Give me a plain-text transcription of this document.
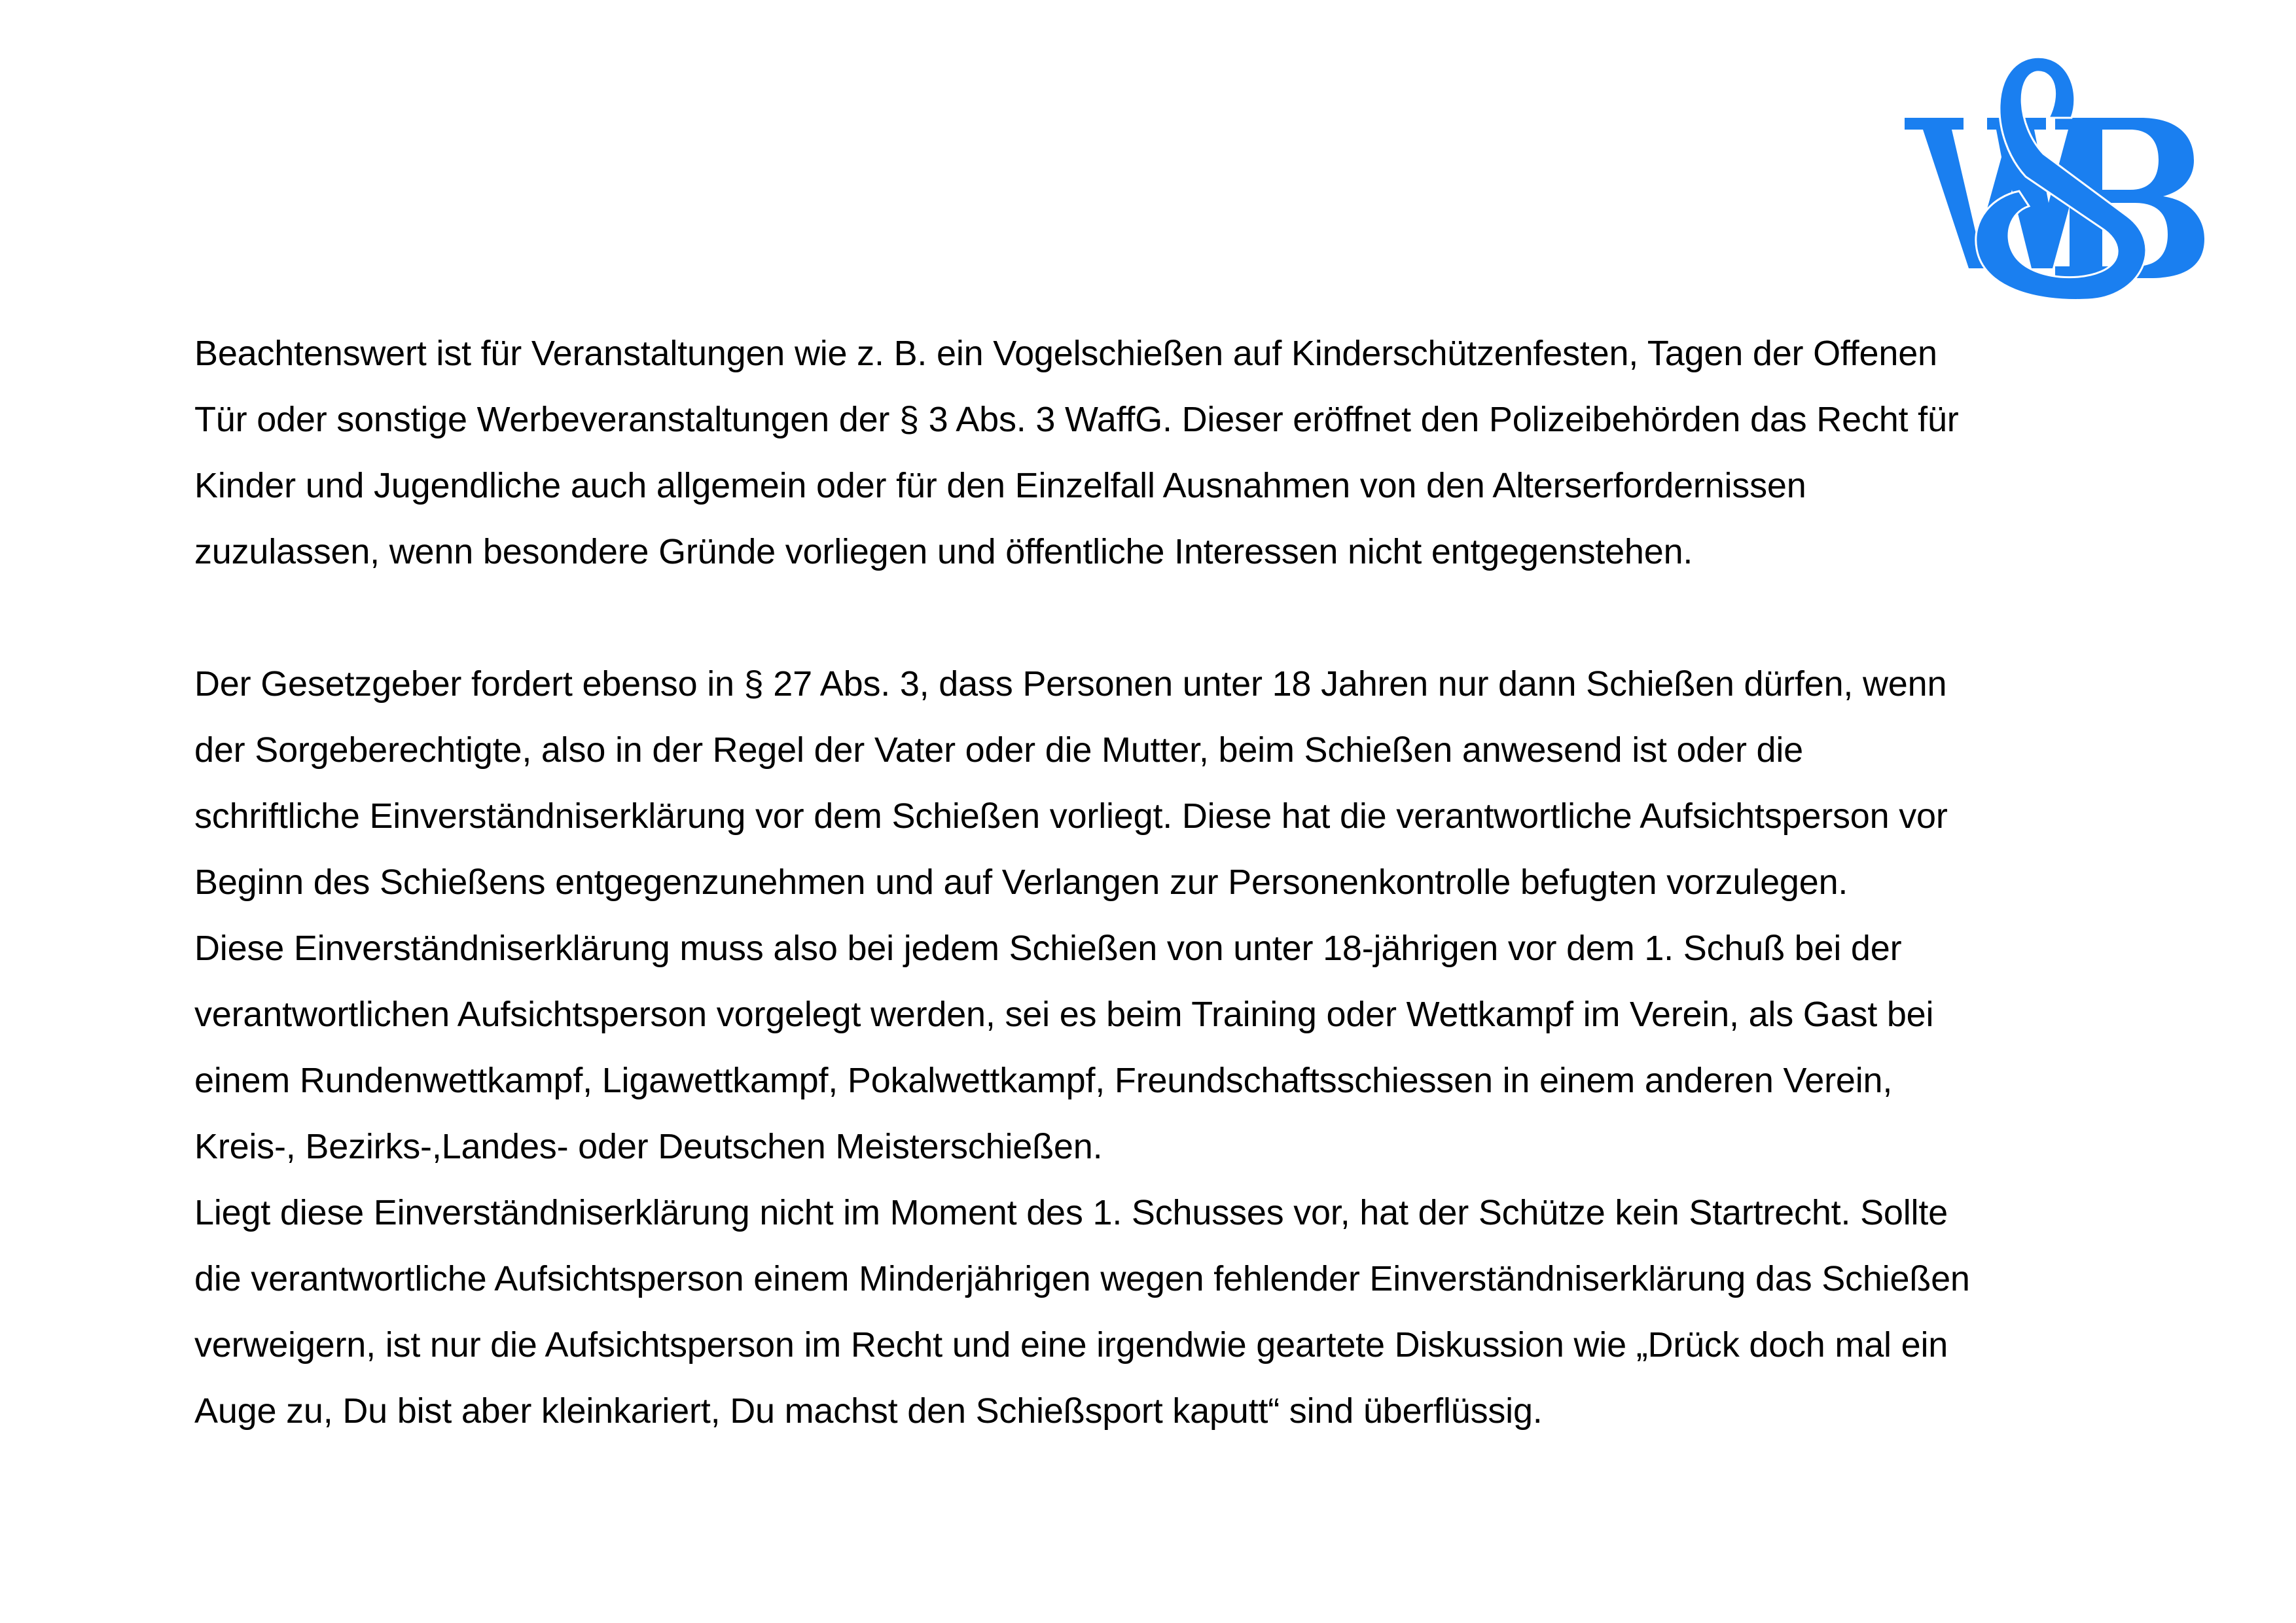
Beachtenswert ist für Veranstaltungen wie z. B. ein Vogelschießen auf Kinderschützenfesten, Tagen der Offenen
Tür oder sonstige Werbeveranstaltungen der § 3 Abs. 3 WaffG. Dieser eröffnet den Polizeibehörden das Recht für
Kinder und Jugendliche auch allgemein oder für den Einzelfall Ausnahmen von den Alterserfordernissen
zuzulassen, wenn besondere Gründe vorliegen und öffentliche Interessen nicht entgegenstehen.
Der Gesetzgeber fordert ebenso in § 27 Abs. 3, dass Personen unter 18 Jahren nur dann Schießen dürfen, wenn
der Sorgeberechtigte, also in der Regel der Vater oder die Mutter, beim Schießen anwesend ist oder die
schriftliche Einverständniserklärung vor dem Schießen vorliegt. Diese hat die verantwortliche Aufsichtsperson vor
Beginn des Schießens entgegenzunehmen und auf Verlangen zur Personenkontrolle befugten vorzulegen.
Diese Einverständniserklärung muss also bei jedem Schießen von unter 18-jährigen vor dem 1. Schuß bei der
verantwortlichen Aufsichtsperson vorgelegt werden, sei es beim Training oder Wettkampf im Verein, als Gast bei
einem Rundenwettkampf, Ligawettkampf, Pokalwettkampf, Freundschaftsschiessen in einem anderen Verein,
Kreis-, Bezirks-,Landes- oder Deutschen Meisterschießen.
Liegt diese Einverständniserklärung nicht im Moment des 1. Schusses vor, hat der Schütze kein Startrecht. Sollte
die verantwortliche Aufsichtsperson einem Minderjährigen wegen fehlender Einverständniserklärung das Schießen
verweigern, ist nur die Aufsichtsperson im Recht und eine irgendwie geartete Diskussion wie „Drück doch mal ein
Auge zu, Du bist aber kleinkariert, Du machst den Schießsport kaputt“ sind überflüssig.
